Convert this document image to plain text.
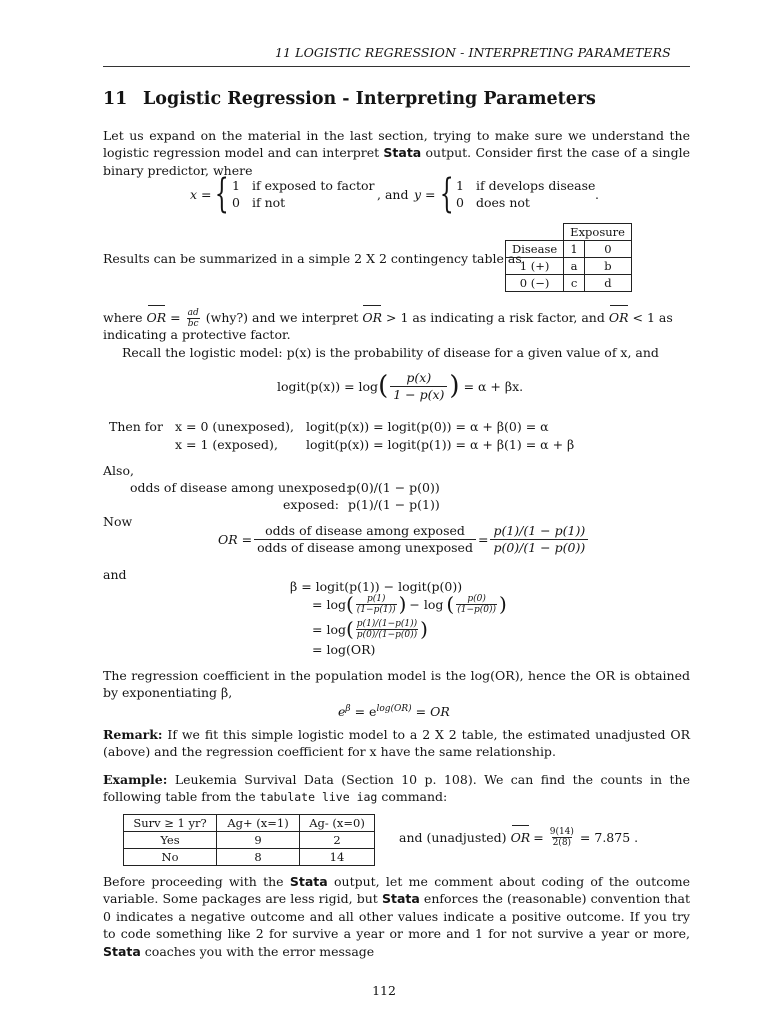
11 LOGISTIC REGRESSION - INTERPRETING PARAMETERS
11 Logistic Regression - Interpreting Parameters
Let us expand on the material in the last section, trying to make sure we understand the logistic regression model and can interpret Stata output. Consider first the case of a single binary predictor, where
x = { 1 if exposed to factor
0 if not
, and y = { 1 if develops disease
0 does not
.
Results can be summarized in a simple 2 X 2 contingency table as
	Exposure	
Disease	1	0
1 (+)	a	b
0 (−)	c	d
where OR = $\frac{ad}{bc}$ (why?) and we interpret OR > 1 as indicating a risk factor, and OR < 1 as
indicating a protective factor.
Recall the logistic model: p(x) is the probability of disease for a given value of x, and
logit(p(x)) = log ( $\frac{p(x)}{1 - p(x)}$ ) = α + βx.
Then for x = 0 (unexposed), logit(p(x)) = logit(p(0)) = α + β(0) = α
x = 1 (exposed), logit(p(x)) = logit(p(1)) = α + β(1) = α + β
Also,
odds of disease among unexposed:
p(0)/(1 − p(0))
exposed: p(1)/(1 − p(1))
Now
OR = $\frac{\text{odds of disease among exposed}}{\text{odds of disease among unexposed}} = \frac{p(1)/(1 - p(1))}{p(0)/(1 - p(0))}$
and
β = logit(p(1)) − logit(p(0))
= log ( $\frac{p(1)}{(1-p(1))}$ ) − log ( $\frac{p(0)}{(1-p(0))}$ )
= log ( $\frac{p(1)/(1-p(1))}{p(0)/(1-p(0))}$ )
= log(OR)
The regression coefficient in the population model is the log(OR), hence the OR is obtained by exponentiating β,
$e^\beta = e^{log(OR)}$ = OR
Remark: If we fit this simple logistic model to a 2 X 2 table, the estimated unadjusted OR (above) and the regression coefficient for x have the same relationship.
Example: Leukemia Survival Data (Section 10 p. 108). We can find the counts in the following table from the tabulate live iag command:
Surv ≥ 1 yr?	Ag+ (x=1)	Ag- (x=0)
Yes	9	2
No	8	14
and (unadjusted) OR = $\frac{9(14)}{2(8)} = 7.875$ .
Before proceeding with the Stata output, let me comment about coding of the outcome variable. Some packages are less rigid, but Stata enforces the (reasonable) convention that 0 indicates a negative outcome and all other values indicate a positive outcome. If you try to code something like 2 for survive a year or more and 1 for not survive a year or more, Stata coaches you with the error message
112
